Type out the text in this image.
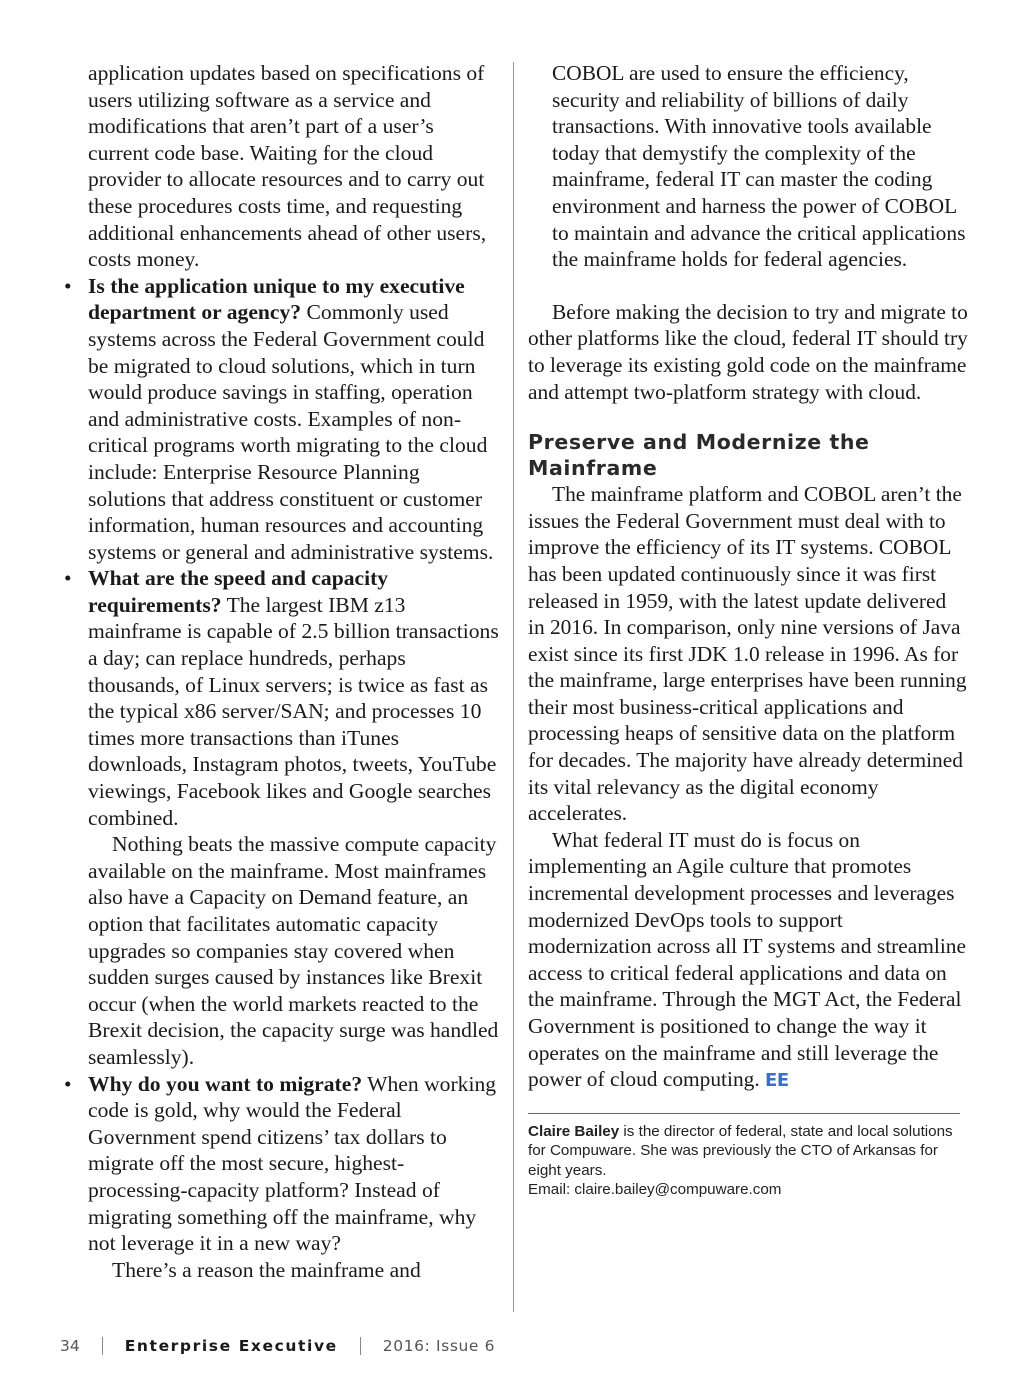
application updates based on specifications of users utilizing software as a service and modifications that aren’t part of a user’s current code base. Waiting for the cloud provider to allocate resources and to carry out these procedures costs time, and requesting additional enhancements ahead of other users, costs money.

• Is the application unique to my executive department or agency? Commonly used systems across the Federal Government could be migrated to cloud solutions, which in turn would produce savings in staffing, operation and administrative costs. Examples of non-critical programs worth migrating to the cloud include: Enterprise Resource Planning solutions that address constituent or customer information, human resources and accounting systems or general and administrative systems.
• What are the speed and capacity requirements? The largest IBM z13 mainframe is capable of 2.5 billion transactions a day; can replace hundreds, perhaps thousands, of Linux servers; is twice as fast as the typical x86 server/SAN; and processes 10 times more transactions than iTunes downloads, Instagram photos, tweets, YouTube viewings, Facebook likes and Google searches combined.

Nothing beats the massive compute capacity available on the mainframe. Most mainframes also have a Capacity on Demand feature, an option that facilitates automatic capacity upgrades so companies stay covered when sudden surges caused by instances like Brexit occur (when the world markets reacted to the Brexit decision, the capacity surge was handled seamlessly).

• Why do you want to migrate? When working code is gold, why would the Federal Government spend citizens’ tax dollars to migrate off the most secure, highest-processing-capacity platform? Instead of migrating something off the mainframe, why not leverage it in a new way?

There’s a reason the mainframe and

COBOL are used to ensure the efficiency, security and reliability of billions of daily transactions. With innovative tools available today that demystify the complexity of the mainframe, federal IT can master the coding environment and harness the power of COBOL to maintain and advance the critical applications the mainframe holds for federal agencies.

Before making the decision to try and migrate to other platforms like the cloud, federal IT should try to leverage its existing gold code on the mainframe and attempt two-platform strategy with cloud.

Preserve and Modernize the Mainframe

The mainframe platform and COBOL aren’t the issues the Federal Government must deal with to improve the efficiency of its IT systems. COBOL has been updated continuously since it was first released in 1959, with the latest update delivered in 2016. In comparison, only nine versions of Java exist since its first JDK 1.0 release in 1996. As for the mainframe, large enterprises have been running their most business-critical applications and processing heaps of sensitive data on the platform for decades. The majority have already determined its vital relevancy as the digital economy accelerates.

What federal IT must do is focus on implementing an Agile culture that promotes incremental development processes and leverages modernized DevOps tools to support modernization across all IT systems and streamline access to critical federal applications and data on the mainframe. Through the MGT Act, the Federal Government is positioned to change the way it operates on the mainframe and still leverage the power of cloud computing. EE

Claire Bailey is the director of federal, state and local solutions for Compuware. She was previously the CTO of Arkansas for eight years.
Email: claire.bailey@compuware.com
34	Enterprise Executive	2016: Issue 6
